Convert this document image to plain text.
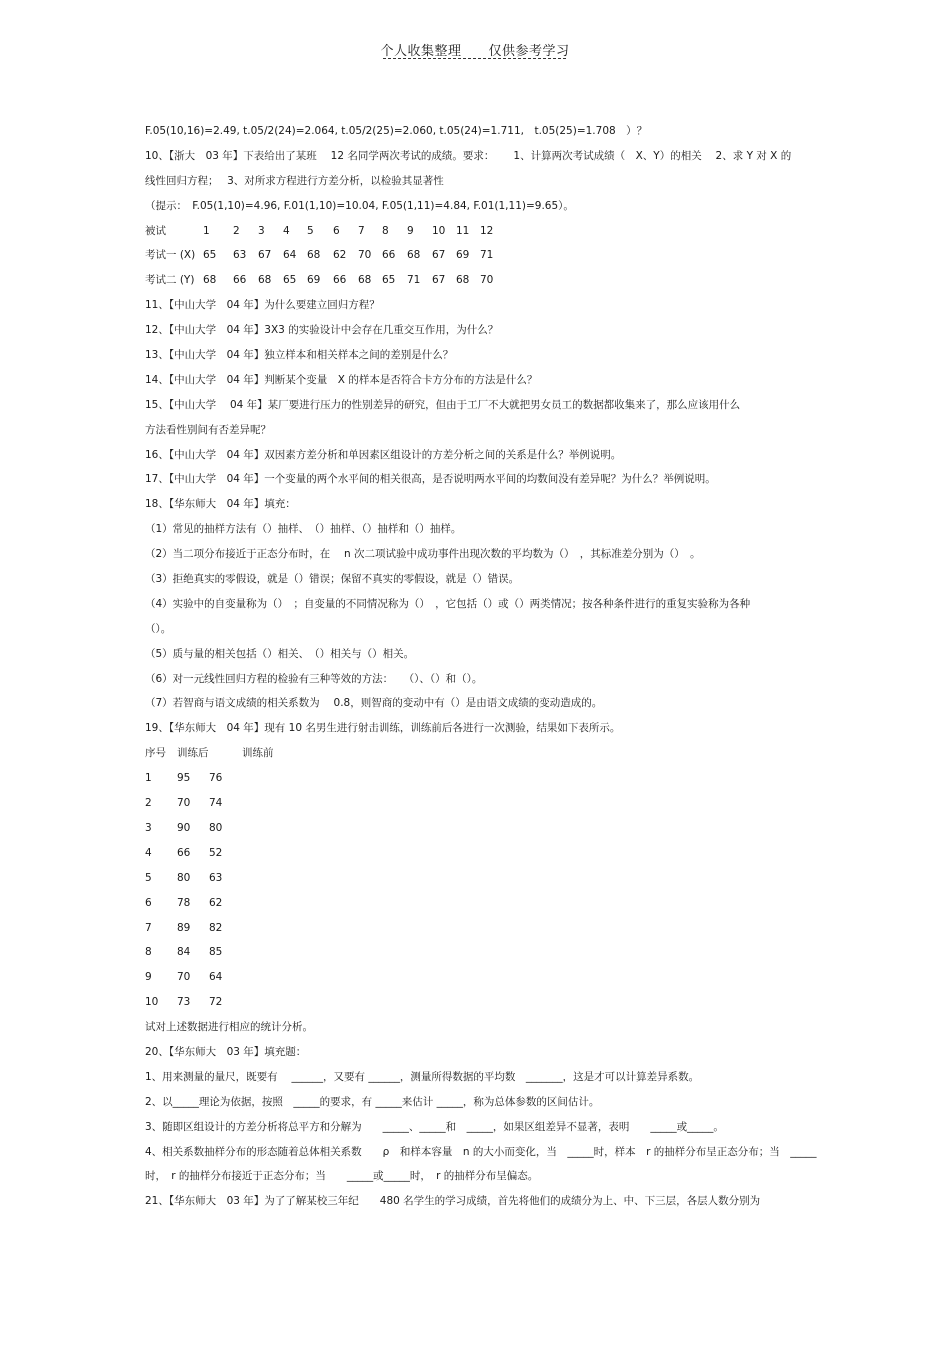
个人收集整理　　仅供参考学习
F.05(10,16)=2.49, t.05/2(24)=2.064, t.05/2(25)=2.060, t.05(24)=1.711,　t.05(25)=1.708　）？
10、【浙大　03 年】下表给出了某班　 12 名同学两次考试的成绩。要求：　　 1、计算两次考试成绩（　X、Y）的相关　 2、求 Y 对 X 的
线性回归方程；　 3、对所求方程进行方差分析，以检验其显著性
（提示：　F.05(1,10)=4.96, F.01(1,10)=10.04, F.05(1,11)=4.84, F.01(1,11)=9.65）。
被试	1 2 3 4 5 6 7 8 9 10 11 12
考试一 (X) 65 63 67 64 68 62 70 66 68 67 69 71
考试二 (Y) 68 66 68 65 69 66 68 65 71 67 68 70
11、【中山大学　04 年】为什么要建立回归方程？
12、【中山大学　04 年】3X3 的实验设计中会存在几重交互作用，为什么？
13、【中山大学　04 年】独立样本和相关样本之间的差别是什么？
14、【中山大学　04 年】判断某个变量　X 的样本是否符合卡方分布的方法是什么？
15、【中山大学　 04 年】某厂要进行压力的性别差异的研究，但由于工厂不大就把男女员工的数据都收集来了，那么应该用什么
方法看性别间有否差异呢？
16、【中山大学　04 年】双因素方差分析和单因素区组设计的方差分析之间的关系是什么？举例说明。
17、【中山大学　04 年】一个变量的两个水平间的相关很高，是否说明两水平间的均数间没有差异呢？为什么？举例说明。
18、【华东师大　04 年】填充：
（1）常见的抽样方法有（）抽样、　（）抽样、（）抽样和（）抽样。
（2）当二项分布接近于正态分布时，在　 n 次二项试验中成功事件出现次数的平均数为（）　，其标准差分别为（）　。
（3）拒绝真实的零假设，就是（）错误；保留不真实的零假设，就是（）错误。
（4）实验中的自变量称为（）　；自变量的不同情况称为（）　，它包括（）或（）两类情况；按各种条件进行的重复实验称为各种
（）。
（5）质与量的相关包括（）相关、　（）相关与（）相关。
（6）对一元线性回归方程的检验有三种等效的方法：　　（）、（）和（）。
（7）若智商与语文成绩的相关系数为　 0.8，则智商的变动中有（）是由语文成绩的变动造成的。
19、【华东师大　04 年】现有 10 名男生进行射击训练，训练前后各进行一次测验，结果如下表所示。
序号 训练后	训练前
1 95 76
2 70 74
3 90 80
4 66 52
5 80 63
6 78 62
7 89 82
8 84 85
9 70 64
10 73 72
试对上述数据进行相应的统计分析。
20、【华东师大　03 年】填充题：
1、用来测量的量尺，既要有　 ______，又要有 ______，测量所得数据的平均数　_______，这是才可以计算差异系数。
2、以_____理论为依据，按照　_____的要求，有 _____来估计 _____，称为总体参数的区间估计。
3、随即区组设计的方差分析将总平方和分解为　　_____、_____和　_____，如果区组差异不显著，表明　　_____或_____。
4、相关系数抽样分布的形态随着总体相关系数　　ρ　和样本容量　n 的大小而变化，当　_____时，样本　r 的抽样分布呈正态分布；当　_____
时，　r 的抽样分布接近于正态分布；当　　_____或_____时，　r 的抽样分布呈偏态。
21、【华东师大　03 年】为了了解某校三年纪　　480 名学生的学习成绩，首先将他们的成绩分为上、中、下三层，各层人数分别为
